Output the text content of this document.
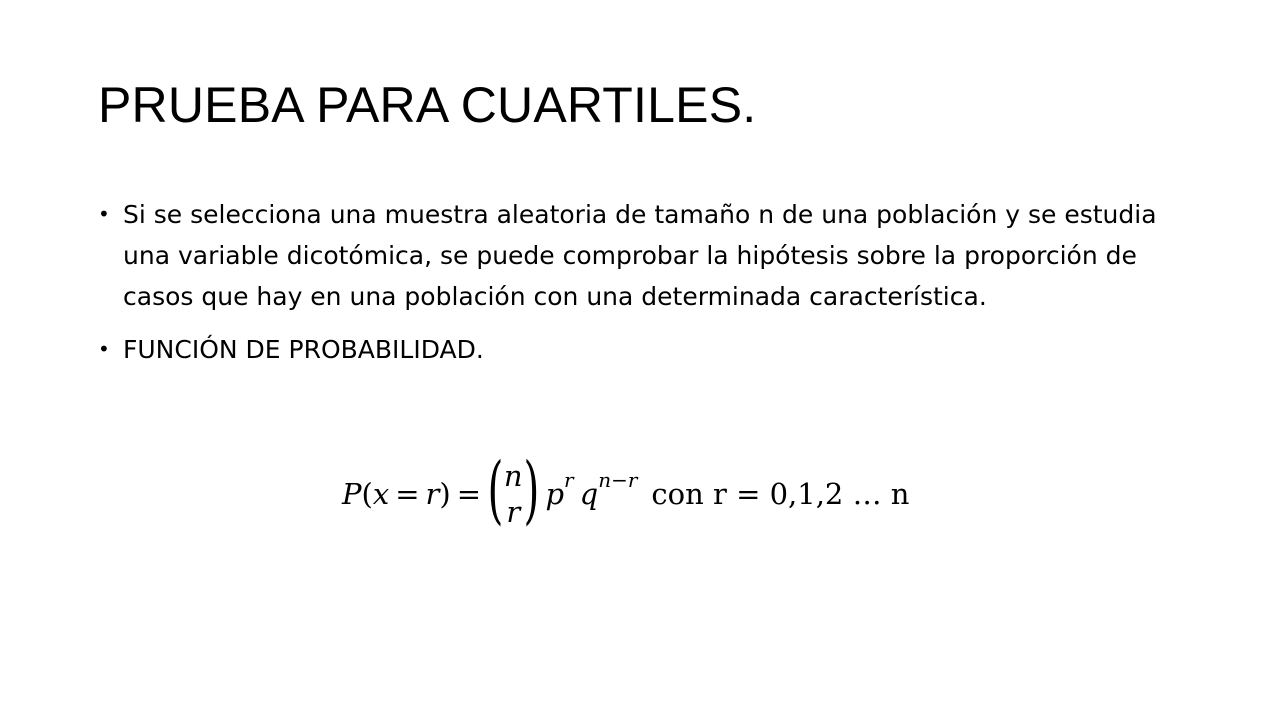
PRUEBA PARA CUARTILES.
• Si se selecciona una muestra aleatoria de tamaño n de una población y se estudia una variable dicotómica, se puede comprobar la hipótesis sobre la proporción de casos que hay en una población con una determinada característica.
• FUNCIÓN DE PROBABILIDAD.
P ( x = r ) = ( n
r ) p r q n−r con r = 0,1,2 … n
